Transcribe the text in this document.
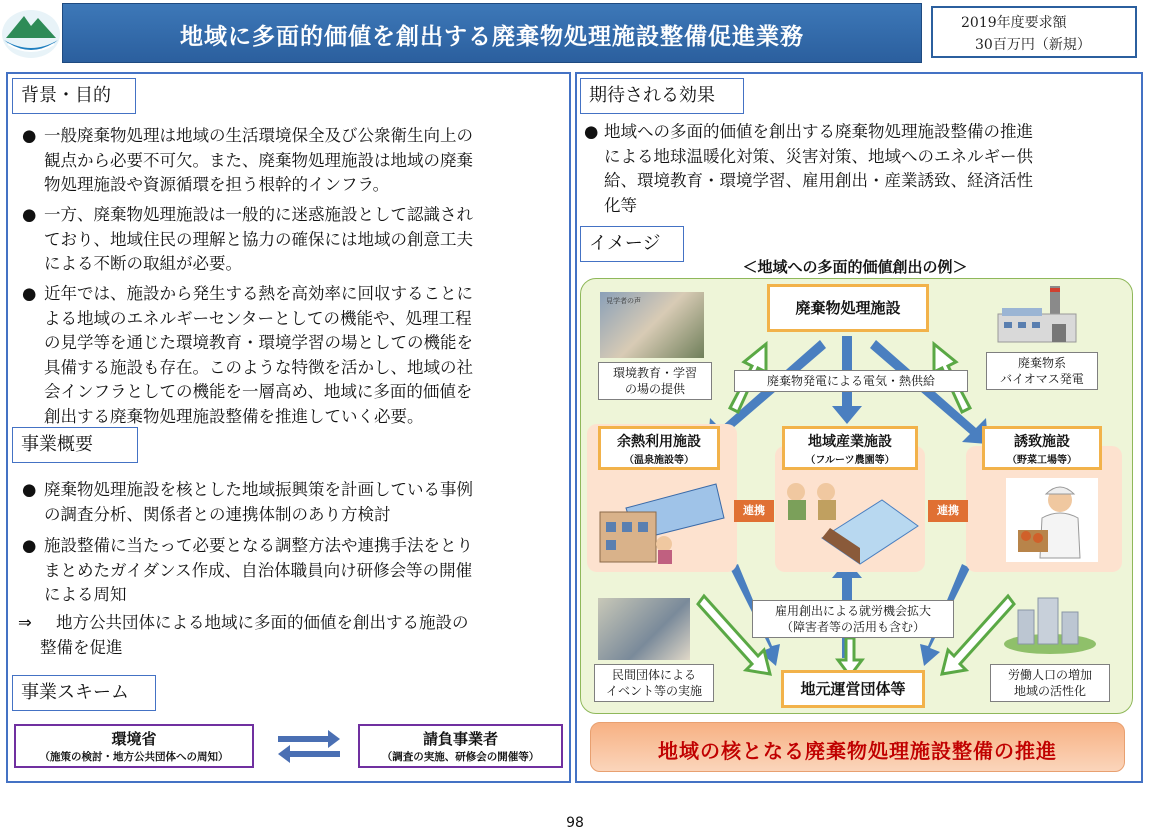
地域に多面的価値を創出する廃棄物処理施設整備促進業務
2019年度要求額
30百万円（新規）
背景・目的
● 一般廃棄物処理は地域の生活環境保全及び公衆衛生向上の
観点から必要不可欠。また、廃棄物処理施設は地域の廃棄
物処理施設や資源循環を担う根幹的インフラ。
● 一方、廃棄物処理施設は一般的に迷惑施設として認識され
ており、地域住民の理解と協力の確保には地域の創意工夫
による不断の取組が必要。
● 近年では、施設から発生する熱を高効率に回収することに
よる地域のエネルギーセンターとしての機能や、処理工程
の見学等を通じた環境教育・環境学習の場としての機能を
具備する施設も存在。このような特徴を活かし、地域の社
会インフラとしての機能を一層高め、地域に多面的価値を
創出する廃棄物処理施設整備を推進していく必要。
事業概要
● 廃棄物処理施設を核とした地域振興策を計画している事例
の調査分析、関係者との連携体制のあり方検討
● 施設整備に当たって必要となる調整方法や連携手法をとり
まとめたガイダンス作成、自治体職員向け研修会等の開催
による周知
⇒ 地方公共団体による地域に多面的価値を創出する施設の
整備を促進
事業スキーム
環境省
（施策の検討・地方公共団体への周知）
請負事業者
（調査の実施、研修会の開催等）
期待される効果
● 地域への多面的価値を創出する廃棄物処理施設整備の推進
による地球温暖化対策、災害対策、地域へのエネルギー供
給、環境教育・環境学習、雇用創出・産業誘致、経済活性
化等
イメージ
＜地域への多面的価値創出の例＞
廃棄物処理施設
見学者の声
環境教育・学習
の場の提供
廃棄物系
バイオマス発電
廃棄物発電による電気・熱供給
余熱利用施設
（温泉施設等）
地域産業施設
（フルーツ農園等）
誘致施設
（野菜工場等）
連携	連携
雇用創出による就労機会拡大
（障害者等の活用も含む）
民間団体による
イベント等の実施
労働人口の増加
地域の活性化
地元運営団体等
地域の核となる廃棄物処理施設整備の推進
98
